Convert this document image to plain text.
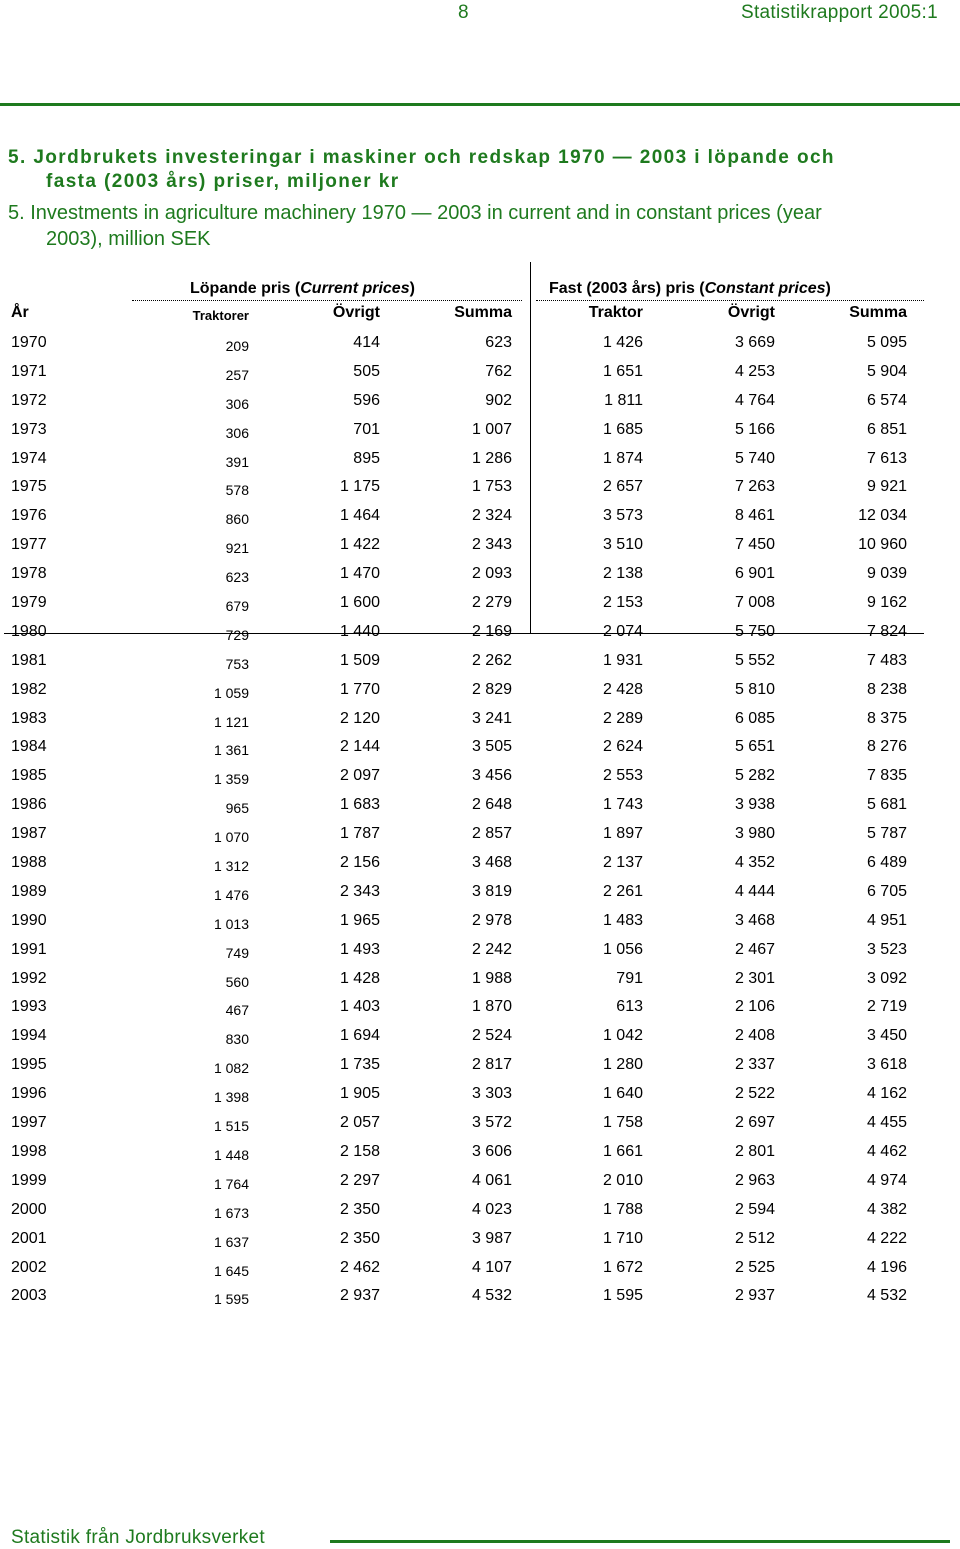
8	Statistikrapport 2005:1
5. Jordbrukets investeringar i maskiner och redskap 1970 — 2003 i löpande och
fasta (2003 års) priser, miljoner kr
5. Investments in agriculture machinery 1970 — 2003 in current and in constant prices (year
2003), million SEK
Löpande pris (Current prices)	Fast (2003 års) pris (Constant prices)
År	Traktorer	Övrigt	Summa	Traktor	Övrigt	Summa
1970	209	414	623	1 426	3 669	5 095
1971	257	505	762	1 651	4 253	5 904
1972	306	596	902	1 811	4 764	6 574
1973	306	701	1 007	1 685	5 166	6 851
1974	391	895	1 286	1 874	5 740	7 613
1975	578	1 175	1 753	2 657	7 263	9 921
1976	860	1 464	2 324	3 573	8 461	12 034
1977	921	1 422	2 343	3 510	7 450	10 960
1978	623	1 470	2 093	2 138	6 901	9 039
1979	679	1 600	2 279	2 153	7 008	9 162
1980	729	1 440	2 169	2 074	5 750	7 824
1981	753	1 509	2 262	1 931	5 552	7 483
1982	1 059	1 770	2 829	2 428	5 810	8 238
1983	1 121	2 120	3 241	2 289	6 085	8 375
1984	1 361	2 144	3 505	2 624	5 651	8 276
1985	1 359	2 097	3 456	2 553	5 282	7 835
1986	965	1 683	2 648	1 743	3 938	5 681
1987	1 070	1 787	2 857	1 897	3 980	5 787
1988	1 312	2 156	3 468	2 137	4 352	6 489
1989	1 476	2 343	3 819	2 261	4 444	6 705
1990	1 013	1 965	2 978	1 483	3 468	4 951
1991	749	1 493	2 242	1 056	2 467	3 523
1992	560	1 428	1 988	791	2 301	3 092
1993	467	1 403	1 870	613	2 106	2 719
1994	830	1 694	2 524	1 042	2 408	3 450
1995	1 082	1 735	2 817	1 280	2 337	3 618
1996	1 398	1 905	3 303	1 640	2 522	4 162
1997	1 515	2 057	3 572	1 758	2 697	4 455
1998	1 448	2 158	3 606	1 661	2 801	4 462
1999	1 764	2 297	4 061	2 010	2 963	4 974
2000	1 673	2 350	4 023	1 788	2 594	4 382
2001	1 637	2 350	3 987	1 710	2 512	4 222
2002	1 645	2 462	4 107	1 672	2 525	4 196
2003	1 595	2 937	4 532	1 595	2 937	4 532
Statistik från Jordbruksverket
